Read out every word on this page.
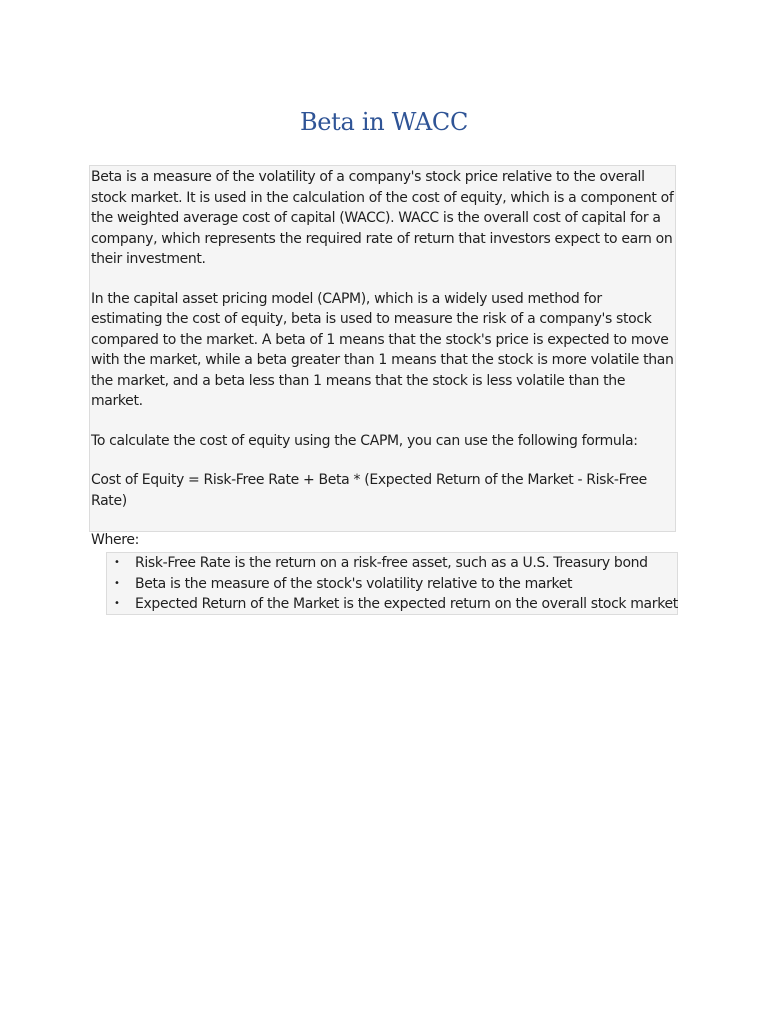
Beta in WACC

Beta is a measure of the volatility of a company's stock price relative to the overall stock market. It is used in the calculation of the cost of equity, which is a component of the weighted average cost of capital (WACC). WACC is the overall cost of capital for a company, which represents the required rate of return that investors expect to earn on their investment.

In the capital asset pricing model (CAPM), which is a widely used method for estimating the cost of equity, beta is used to measure the risk of a company's stock compared to the market. A beta of 1 means that the stock's price is expected to move with the market, while a beta greater than 1 means that the stock is more volatile than the market, and a beta less than 1 means that the stock is less volatile than the market.

To calculate the cost of equity using the CAPM, you can use the following formula:

Cost of Equity = Risk-Free Rate + Beta * (Expected Return of the Market - Risk-Free Rate)

Where:

• Risk-Free Rate is the return on a risk-free asset, such as a U.S. Treasury bond
• Beta is the measure of the stock's volatility relative to the market
• Expected Return of the Market is the expected return on the overall stock market
